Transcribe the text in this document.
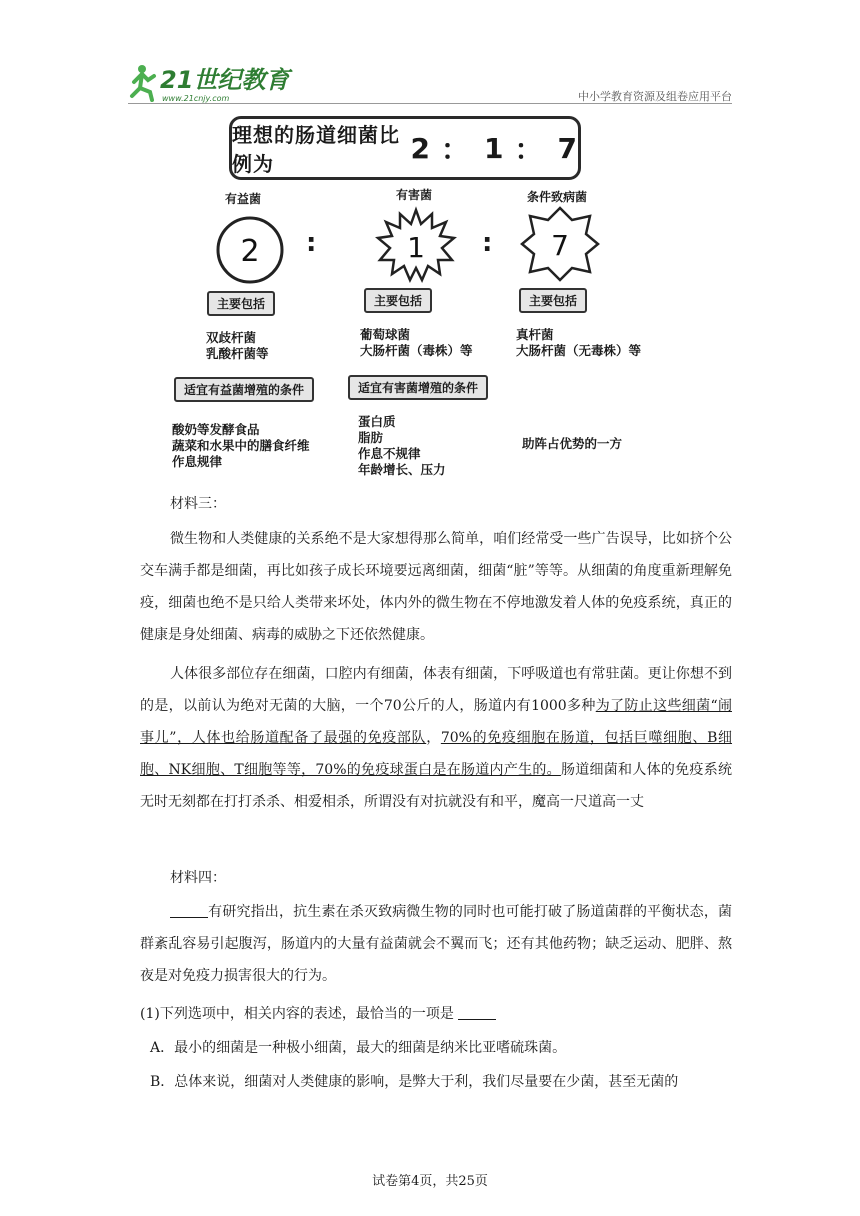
21世纪教育
www.21cnjy.com	中小学教育资源及组卷应用平台
理想的肠道细菌比例为	2 ： 1 ： 7
有益菌	有害菌	条件致病菌
2 :	1 : 7
主要包括	主要包括	主要包括
双歧杆菌
乳酸杆菌等
葡萄球菌
大肠杆菌（毒株）等
真杆菌
大肠杆菌（无毒株）等
适宜有益菌增殖的条件	适宜有害菌增殖的条件
酸奶等发酵食品
蔬菜和水果中的膳食纤维
作息规律
蛋白质
脂肪
作息不规律
年龄增长、压力
助阵占优势的一方
材料三：
微生物和人类健康的关系绝不是大家想得那么简单，咱们经常受一些广告误导，比如挤个公交车满手都是细菌，再比如孩子成长环境要远离细菌，细菌“脏”等等。从细菌的角度重新理解免疫，细菌也绝不是只给人类带来坏处，体内外的微生物在不停地激发着人体的免疫系统，真正的健康是身处细菌、病毒的威胁之下还依然健康。
人体很多部位存在细菌，口腔内有细菌，体表有细菌，下呼吸道也有常驻菌。更让你想不到的是，以前认为绝对无菌的大脑，一个70公斤的人，肠道内有1000多种为了防止这些细菌“闹事儿”，人体也给肠道配备了最强的免疫部队，70%的免疫细胞在肠道，包括巨噬细胞、B细胞、NK细胞、T细胞等等，70%的免疫球蛋白是在肠道内产生的。肠道细菌和人体的免疫系统无时无刻都在打打杀杀、相爱相杀，所谓没有对抗就没有和平，魔高一尺道高一丈
材料四：
有研究指出，抗生素在杀灭致病微生物的同时也可能打破了肠道菌群的平衡状态，菌群紊乱容易引起腹泻，肠道内的大量有益菌就会不翼而飞；还有其他药物；缺乏运动、肥胖、熬夜是对免疫力损害很大的行为。
(1)下列选项中，相关内容的表述，最恰当的一项是
A．最小的细菌是一种极小细菌，最大的细菌是纳米比亚嗜硫珠菌。
B．总体来说，细菌对人类健康的影响，是弊大于利，我们尽量要在少菌，甚至无菌的
试卷第4页，共25页
